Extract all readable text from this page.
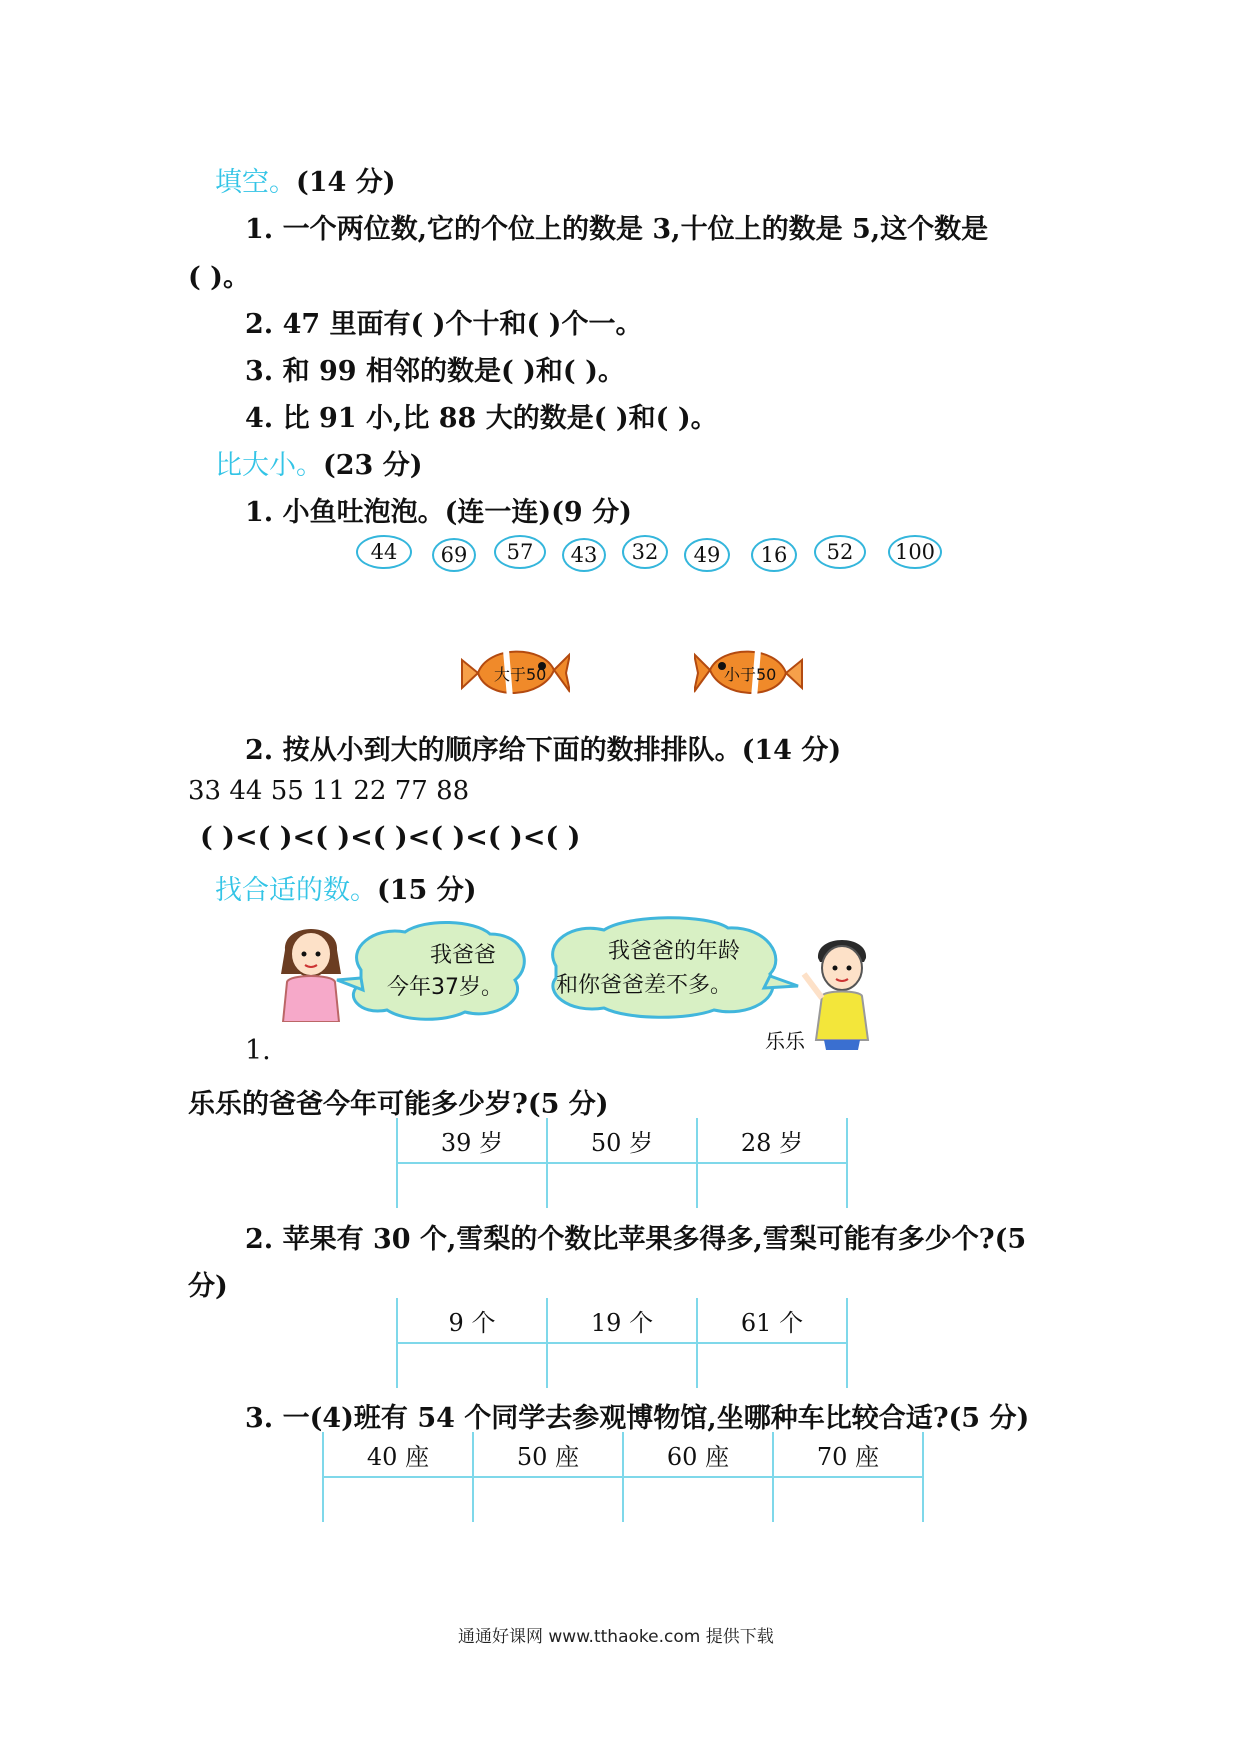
填空。(14 分)
1. 一个两位数,它的个位上的数是 3,十位上的数是 5,这个数是
( )。
2. 47 里面有( )个十和( )个一。
3. 和 99 相邻的数是( )和( )。
4. 比 91 小,比 88 大的数是( )和( )。
比大小。(23 分)
1. 小鱼吐泡泡。(连一连)(9 分)
44	69	57	43	32	49	16	52	100
大于50	小于50
2. 按从小到大的顺序给下面的数排排队。(14 分)
33 44 55 11 22 77 88
( )<( )<( )<( )<( )<( )<( )
找合适的数。(15 分)
我爸爸
今年37岁。
我爸爸的年龄
和你爸爸差不多。
乐乐
1.
乐乐的爸爸今年可能多少岁?(5 分)
39 岁	50 岁	28 岁

2. 苹果有 30 个,雪梨的个数比苹果多得多,雪梨可能有多少个?(5
分)
9 个	19 个	61 个

3. 一(4)班有 54 个同学去参观博物馆,坐哪种车比较合适?(5 分)
40 座	50 座	60 座	70 座

通通好课网 www.tthaoke.com 提供下载
